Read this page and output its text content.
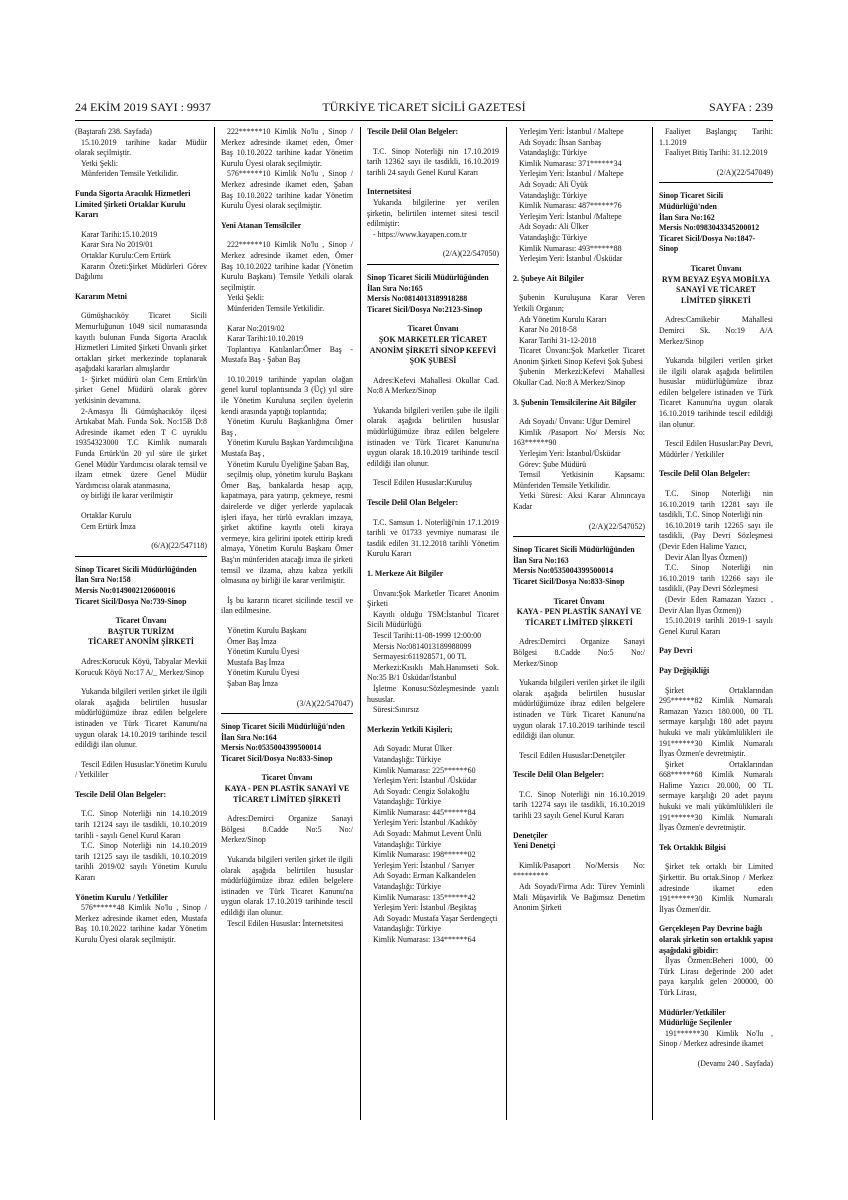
24 EKİM 2019 SAYI : 9937	TÜRKİYE TİCARET SİCİLİ GAZETESİ	SAYFA : 239

(Baştarafı 238. Sayfada)

15.10.2019 tarihine kadar Müdür olarak seçilmiştir.

Yetki Şekli:

Münferiden Temsile Yetkilidir.

Funda Sigorta Aracılık Hizmetleri Limited Şirketi Ortaklar Kurulu Kararı

Karar Tarihi:15.10.2019

Karar Sıra No 2019/01

Ortaklar Kurulu:Cem Ertürk

Kararın Özeti:Şirket Müdürleri Görev Dağılımı

Kararım Metni

Gümüşhacıköy Ticaret Sicili Memurluğunun 1049 sicil numarasında kayıtlı bulunan Funda Sigorta Aracılık Hizmetleri Limited Şirketi Ünvanlı şirket ortakları şirket merkezinde toplanarak aşağıdaki kararları almışlardır

1- Şirket müdürü olan Cem Ertürk'ün şirket Genel Müdürü olarak görev yetkisinin devamına.

2-Amasya İli Gümüşhacıköy ilçesi Artıkabat Mah. Funda Sok. No:15B D:8 Adresinde ikamet eden T C uyruklu 19354323000 T.C Kimlik numaralı Funda Ertürk'ün 20 yıl süre ile şirket Genel Müdür Yardımcısı olarak temsil ve ilzam etmek üzere Genel Müdür Yardımcısı olarak atanmasına,

oy birliği ile karar verilmiştir

Ortaklar Kurulu

Cem Ertürk İmza

(6/A)(22/547118)

Sinop Ticaret Sicili Müdürlüğünden

İlan Sıra No:158

Mersis No:0149002120600016

Ticaret Sicil/Dosya No:739-Sinop

Ticaret Ünvanı

BAŞTUR TURİZM

TİCARET ANONİM ŞİRKETİ

Adres:Korucuk Köyü, Tabyalar Mevkii Korucuk Köyü No:17 A/_ Merkez/Sinop

Yukarıda bilgileri verilen şirket ile ilgili olarak aşağıda belirtilen hususlar müdürlüğümüze ibraz edilen belgelere istinaden ve Türk Ticaret Kanunu'na uygun olarak 14.10.2019 tarihinde tescil edildiği ilan olunur.

Tescil Edilen Hususlar:Yönetim Kurulu / Yetkililer

Tescile Delil Olan Belgeler:

T.C. Sinop Noterliği nin 14.10.2019 tarih 12124 sayı ile tasdikli, 10.10.2019 tarihli - sayılı Genel Kurul Kararı

T.C. Sinop Noterliği nin 14.10.2019 tarih 12125 sayı ile tasdikli, 10.10.2019 tarihli 2019/02 sayılı Yönetim Kurulu Kararı

Yönetim Kurulu / Yetkililer

576******48 Kimlik No'lu , Sinop / Merkez adresinde ikamet eden, Mustafa Baş 10.10.2022 tarihine kadar Yönetim Kurulu Üyesi olarak seçilmiştir.

222******10 Kimlik No'lu , Sinop / Merkez adresinde ikamet eden, Ömer Baş 10.10.2022 tarihine kadar Yönetim Kurulu Üyesi olarak seçilmiştir.

576******10 Kimlik No'lu , Sinop / Merkez adresinde ikamet eden, Şaban Baş 10.10.2022 tarihine kadar Yönetim Kurulu Üyesi olarak seçilmiştir.

Yeni Atanan Temsilciler

222******10 Kimlik No'lu , Sinop / Merkez adresinde ikamet eden, Ömer Baş 10.10.2022 tarihine kadar (Yönetim Kurulu Başkanı) Temsile Yetkili olarak seçilmiştir.

Yetki Şekli:

Münferiden Temsile Yetkilidir.

Karar No:2019/02

Karar Tarihi:10.10.2019

Toplantıya Katılanlar:Ömer Baş - Mustafa Baş - Şaban Baş

10.10.2019 tarihinde yapılan olağan genel kurul toplantısında 3 (Üç) yıl süre ile Yönetim Kuruluna seçilen üyelerin kendi arasında yaptığı toplantıda;

Yönetim Kurulu Başkanlığına Ömer Baş ,

Yönetim Kurulu Başkan Yardımcılığına Mustafa Baş ,

Yönetim Kurulu Üyeliğine Şaban Baş,

seçilmiş olup, yönetim kurulu Başkanı Ömer Baş, bankalarda hesap açıp, kapatmaya, para yatırıp, çekmeye, resmi dairelerde ve diğer yerlerde yapılacak işleri ifaya, her türlü evrakları imzaya, şirket aktifine kayıtlı oteli kiraya vermeye, kira gelirini ipotek ettirip kredi almaya, Yönetim Kurulu Başkanı Ömer Baş'ın münferiden atacağı imza ile şirketi temsil ve ilzama, ahzu kabza yetkili olmasına oy birliği ile karar verilmiştir.

İş bu kararın ticaret sicilinde tescil ve ilan edilmesine.

Yönetim Kurulu Başkanı

Ömer Baş İmza

Yönetim Kurulu Üyesi

Mustafa Baş İmza

Yönetim Kurulu Üyesi

Şaban Baş İmza

(3/A)(22/547047)

Sinop Ticaret Sicili Müdürlüğü'nden

İlan Sıra No:164

Mersis No:0535004399500014

Ticaret Sicil/Dosya No:833-Sinop

Ticaret Ünvanı

KAYA - PEN PLASTİK SANAYİ VE TİCARET LİMİTED ŞİRKETİ

Adres:Demirci Organize Sanayi Bölgesi 8.Cadde No:5 No:/ Merkez/Sinop

Yukarıda bilgileri verilen şirket ile ilgili olarak aşağıda belirtilen hususlar müdürlüğümüze ibraz edilen belgelere istinaden ve Türk Ticaret Kanunu'na uygun olarak 17.10.2019 tarihinde tescil edildiği ilan olunur.

Tescil Edilen Hususlar: İnternetsitesi

Tescile Delil Olan Belgeler:

T.C. Sinop Noterliği nin 17.10.2019 tarih 12362 sayı ile tasdikli, 16.10.2019 tarihli 24 sayılı Genel Kurul Kararı

Internetsitesi

Yukarıda bilgilerine yer verilen şirketin, belirtilen internet sitesi tescil edilmiştir:

- https://www.kayapen.com.tr

(2/A)(22/547050)

Sinop Ticaret Sicili Müdürlüğünden

İlan Sıra No:165

Mersis No:0814013189918288

Ticaret Sicil/Dosya No:2123-Sinop

Ticaret Ünvanı

ŞOK MARKETLER TİCARET ANONİM ŞİRKETİ SİNOP KEFEVİ ŞOK ŞUBESİ

Adres:Kefevi Mahallesi Okullar Cad. No:8 A Merkez/Sinop

Yukarıda bilgileri verilen şube ile ilgili olarak aşağıda belirtilen hususlar müdürlüğümüze ibraz edilen belgelere istinaden ve Türk Ticaret Kanunu'na uygun olarak 18.10.2019 tarihinde tescil edildiği ilan olunur.

Tescil Edilen Hususlar:Kuruluş

Tescile Delil Olan Belgeler:

T.C. Samsun 1. Noterliği'nin 17.1.2019 tarihli ve 01733 yevmiye numarası ile tasdik edilen 31.12.2018 tarihli Yönetim Kurulu Kararı

1. Merkeze Ait Bilgiler

Ünvanı:Şok Marketler Ticaret Anonim Şirketi

Kayıtlı olduğu TSM:İstanbul Ticaret Sicili Müdürlüğü

Tescil Tarihi:11-08-1999 12:00:00

Mersis No:0814013189988099

Sermayesi:611928571, 00 TL

Merkezi:Kısıklı Mah.Hanımseti Sok. No:35 B/1 Üsküdar/İstanbul

İşletme Konusu:Sözleşmesinde yazılı hususlar.

Süresi:Sınırsız

Merkezin Yetkili Kişileri;

Adı Soyadı: Murat Ülker

Vatandaşlığı: Türkiye

Kimlik Numarası: 225******60

Yerleşim Yeri: İstanbul /Üsküdar

Adı Soyadı: Cengiz Solakoğlu

Vatandaşlığı: Türkiye

Kimlik Numarası: 445******84

Yerleşim Yeri: İstanbul /Kadıköy

Adı Soyadı: Mahmut Levent Ünlü

Vatandaşlığı: Türkiye

Kimlik Numarası: 198******02

Yerleşim Yeri: İstanbul / Sarıyer

Adı Soyadı: Erman Kalkandelen

Vatandaşlığı: Türkiye

Kimlik Numarası: 135******42

Yerleşim Yeri: İstanbul /Beşiktaş

Adı Soyadı: Mustafa Yaşar Serdengeçti

Vatandaşlığı: Türkiye

Kimlik Numarası: 134******64

Yerleşim Yeri: İstanbul / Maltepe

Adı Soyadı: İhsan Sarıbaş

Vatandaşlığı: Türkiye

Kimlik Numarası: 371******34

Yerleşim Yeri: İstanbul / Maltepe

Adı Soyadı: Ali Üyük

Vatandaşlığı: Türkiye

Kimlik Numarası: 487******76

Yerleşim Yeri: İstanbul /Maltepe

Adı Soyadı: Ali Ülker

Vatandaşlığı: Türkiye

Kimlik Numarası: 493******88

Yerleşim Yeri: İstanbul /Üsküdar

2. Şubeye Ait Bilgiler

Şubenin Kuruluşuna Karar Veren Yetkili Organın;

Adı Yönetim Kurulu Kararı

Karar No 2018-58

Karar Tarihi 31-12-2018

Ticaret Ünvanı:Şok Marketler Ticaret Anonim Şirketi Sinop Kefevi Şok Şubesi

Şubenin Merkezi:Kefevi Mahallesi Okullar Cad. No:8 A Merkez/Sinop

3. Şubenin Temsilcilerine Ait Bilgiler

Adı Soyadı/ Ünvanı: Uğur Demirel

Kimlik /Pasaport No/ Mersis No: 163******90

Yerleşim Yeri: İstanbul/Üsküdar

Görev: Şube Müdürü

Temsil Yetkisinin Kapsamı: Münferiden Temsile Yetkilidir.

Yetki Süresi: Aksi Karar Alınıncaya Kadar

(2/A)(22/547052)

Sinop Ticaret Sicili Müdürlüğünden

İlan Sıra No:163

Mersis No:0535004399500014

Ticaret Sicil/Dosya No:833-Sinop

Ticaret Ünvanı

KAYA - PEN PLASTİK SANAYİ VE TİCARET LİMİTED ŞİRKETİ

Adres:Demirci Organize Sanayi Bölgesi 8.Cadde No:5 No:/ Merkez/Sinop

Yukarıda bilgileri verilen şirket ile ilgili olarak aşağıda belirtilen hususlar müdürlüğümüze ibraz edilen belgelere istinaden ve Türk Ticaret Kanunu'na uygun olarak 17.10.2019 tarihinde tescil edildiği ilan olunur.

Tescil Edilen Hususlar:Denetçiler

Tescile Delil Olan Belgeler:

T.C. Sinop Noterliği nin 16.10.2019 tarih 12274 sayı ile tasdikli, 16.10.2019 tarihli 23 sayılı Genel Kurul Kararı

Denetçiler

Yeni Denetçi

Kimlik/Pasaport No/Mersis No: *********

Adı Soyadı/Firma Adı: Türev Yeminli Mali Müşavirlik Ve Bağımsız Denetim Anonim Şirketi

Faaliyet Başlangıç Tarihi: 1.1.2019

Faaliyet Bitiş Tarihi: 31.12.2019

(2/A)(22/547049)

Sinop Ticaret Sicili Müdürlüğü'nden

İlan Sıra No:162

Mersis No:0983043345200012

Ticaret Sicil/Dosya No:1847-Sinop

Ticaret Ünvanı

RYM BEYAZ EŞYA MOBİLYA SANAYİ VE TİCARET LİMİTED ŞİRKETİ

Adres:Camikebir Mahallesi Demirci Sk. No:19 A/A Merkez/Sinop

Yukarıda bilgileri verilen şirket ile ilgili olarak aşağıda belirtilen hususlar müdürlüğümüze ibraz edilen belgelere istinaden ve Türk Ticaret Kanunu'na uygun olarak 16.10.2019 tarihinde tescil edildiği ilan olunur.

Tescil Edilen Hususlar:Pay Devri, Müdürler / Yetkililer

Tescile Delil Olan Belgeler:

T.C. Sinop Noterliği nin 16.10.2019 tarih 12281 sayı ile tasdikli, T.C. Sinop Noterliği nin

16.10.2019 tarih 12265 sayı ile tasdikli, (Pay Devri Sözleşmesi (Devir Eden Halime Yazıcı,

Devir Alan İlyas Özmen))

T.C. Sinop Noterliği nin 16.10.2019 tarih 12266 sayı ile tasdikli, (Pay Devri Sözleşmesi

(Devir Eden Ramazan Yazıcı , Devir Alan İlyas Özmen))

15.10.2019 tarihli 2019-1 sayılı Genel Kurul Kararı

Pay Devri

Pay Değişikliği

Şirket Ortaklarından 295******82 Kimlik Numaralı Ramazan Yazıcı 180.000, 00 TL sermaye karşılığı 180 adet payını hukuki ve mali yükümlülikleri ile 191******30 Kimlik Numaralı İlyas Özmen'e devretmiştir.

Şirket Ortaklarından 668******68 Kimlik Numaralı Halime Yazıcı 20.000, 00 TL sermaye karşılığı 20 adet payını hukuki ve mali yükümlülikleri ile 191******30 Kimlik Numaralı İlyas Özmen'e devretmiştir.

Tek Ortaklık Bilgisi

Şirket tek ortaklı bir Limited Şirkettir. Bu ortak.Sinop / Merkez adresinde ikamet eden 191******30 Kimlik Numaralı İlyas Özmen'dir.

Gerçekleşen Pay Devrine bağlı olarak şirketin son ortaklık yapısı aşağıdaki gibidir:

İlyas Özmen:Beheri 1000, 00 Türk Lirası değerinde 200 adet paya karşılık gelen 200000, 00 Türk Lirası,

Müdürler/Yetkililer

Müdürlüğe Seçilenler

191******30 Kimlik No'lu , Sinop / Merkez adresinde ikamet

(Devamı 240 . Sayfada)
